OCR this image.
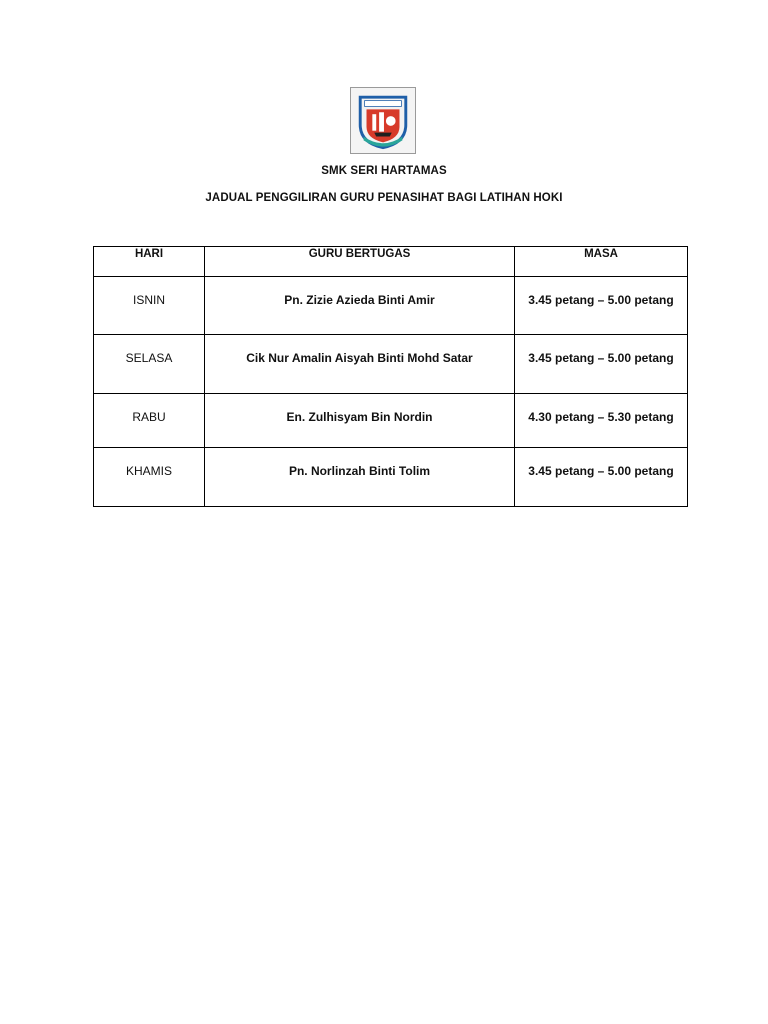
SMK SERI HARTAMAS
JADUAL PENGGILIRAN GURU PENASIHAT BAGI LATIHAN HOKI
HARI	GURU BERTUGAS	MASA

ISNIN	Pn. Zizie Azieda Binti Amir	3.45 petang – 5.00 petang

SELASA	Cik Nur Amalin Aisyah Binti Mohd Satar	3.45 petang – 5.00 petang

RABU	En. Zulhisyam Bin Nordin	4.30 petang – 5.30 petang

KHAMIS	Pn. Norlinzah Binti Tolim	3.45 petang – 5.00 petang
